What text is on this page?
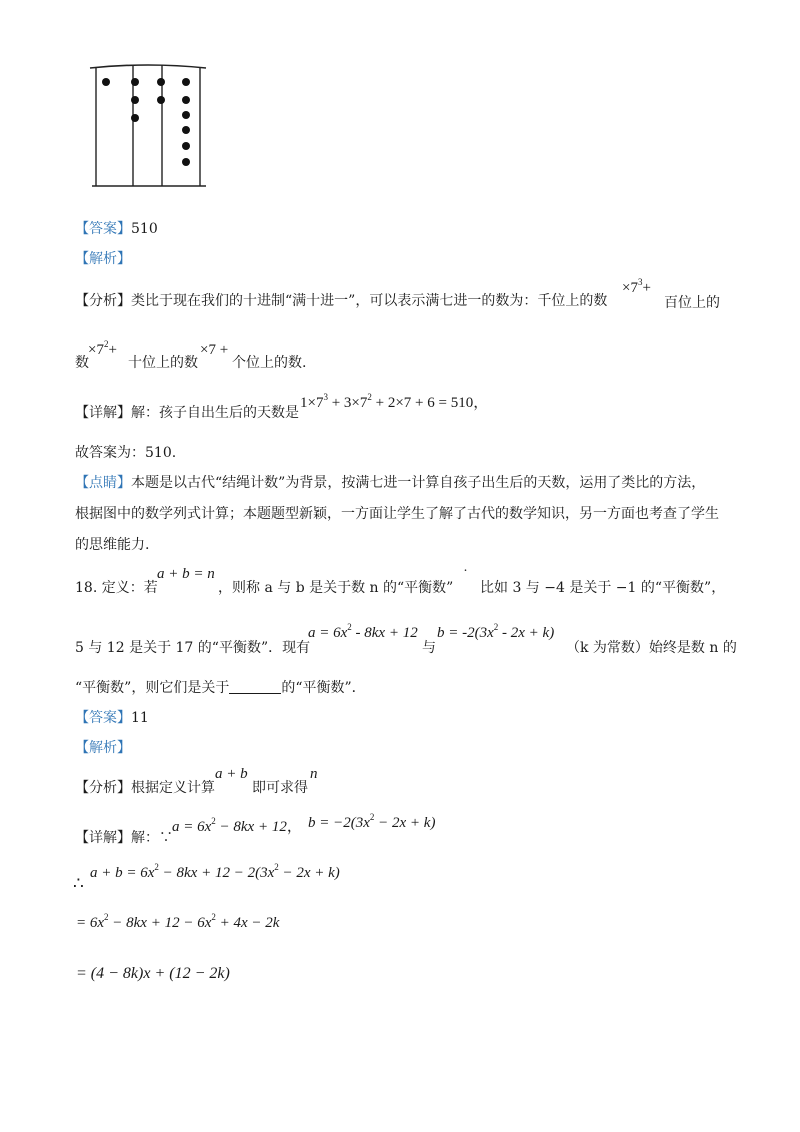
【答案】510
【解析】
【分析】类比于现在我们的十进制“满十进一”，可以表示满七进一的数为：千位上的数
$\times 7^3+$
百位上的
数
$\times 7^2+$
十位上的数
×7 +
个位上的数.
【详解】解：孩子自出生后的天数是
$1\times 7^3 + 3\times 7^2 + 2\times 7 + 6 = 510$，
故答案为：510.
【点睛】本题是以古代“结绳计数”为背景，按满七进一计算自孩子出生后的天数，运用了类比的方法，
根据图中的数学列式计算；本题题型新颖，一方面让学生了解了古代的数学知识，另一方面也考查了学生
的思维能力.
18. 定义：若
a + b = n
，则称 a 与 b 是关于数 n 的“平衡数”
˙
比如 3 与 −4 是关于 −1 的“平衡数”，
5 与 12 是关于 17 的“平衡数”．现有
$a = 6x^2 - 8kx + 12$
与
$b = -2(3x^2 - 2x + k)$
（k 为常数）始终是数 n 的
“平衡数”，则它们是关于	的“平衡数”．
【答案】11
【解析】
【分析】根据定义计算
a + b
即可求得
n
【详解】解：∵
$a = 6x^2 - 8kx + 12$， $b = -2(3x^2 - 2x + k)$
∴
$a + b = 6x^2 - 8kx + 12 - 2(3x^2 - 2x + k)$
= $6x^2 - 8kx + 12 - 6x^2 + 4x - 2k$
= (4 − 8k)x + (12 − 2k)
